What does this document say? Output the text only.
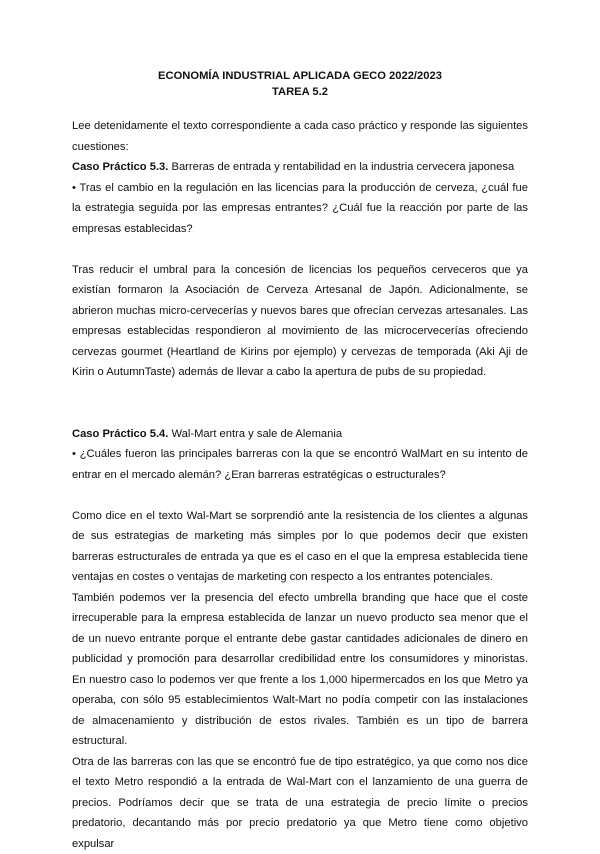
ECONOMÍA INDUSTRIAL APLICADA GECO 2022/2023
TAREA 5.2

Lee detenidamente el texto correspondiente a cada caso práctico y responde las siguientes cuestiones:

Caso Práctico 5.3. Barreras de entrada y rentabilidad en la industria cervecera japonesa

• Tras el cambio en la regulación en las licencias para la producción de cerveza, ¿cuál fue la estrategia seguida por las empresas entrantes? ¿Cuál fue la reacción por parte de las empresas establecidas?

Tras reducir el umbral para la concesión de licencias los pequeños cerveceros que ya existían formaron la Asociación de Cerveza Artesanal de Japón. Adicionalmente, se abrieron muchas micro-cervecerías y nuevos bares que ofrecían cervezas artesanales. Las empresas establecidas respondieron al movimiento de las microcervecerías ofreciendo cervezas gourmet (Heartland de Kirins por ejemplo) y cervezas de temporada (Aki Aji de Kirin o AutumnTaste) además de llevar a cabo la apertura de pubs de su propiedad.

Caso Práctico 5.4. Wal-Mart entra y sale de Alemania

• ¿Cuáles fueron las principales barreras con la que se encontró WalMart en su intento de entrar en el mercado alemán? ¿Eran barreras estratégicas o estructurales?

Como dice en el texto Wal-Mart se sorprendió ante la resistencia de los clientes a algunas de sus estrategias de marketing más simples por lo que podemos decir que existen barreras estructurales de entrada ya que es el caso en el que la empresa establecida tiene ventajas en costes o ventajas de marketing con respecto a los entrantes potenciales.

También podemos ver la presencia del efecto umbrella branding que hace que el coste irrecuperable para la empresa establecida de lanzar un nuevo producto sea menor que el de un nuevo entrante porque el entrante debe gastar cantidades adicionales de dinero en publicidad y promoción para desarrollar credibilidad entre los consumidores y minoristas. En nuestro caso lo podemos ver que frente a los 1,000 hipermercados en los que Metro ya operaba, con sólo 95 establecimientos Walt-Mart no podía competir con las instalaciones de almacenamiento y distribución de estos rivales. También es un tipo de barrera estructural.

Otra de las barreras con las que se encontró fue de tipo estratégico, ya que como nos dice el texto Metro respondió a la entrada de Wal-Mart con el lanzamiento de una guerra de precios. Podríamos decir que se trata de una estrategia de precio límite o precios predatorio, decantando más por precio predatorio ya que Metro tiene como objetivo expulsar
